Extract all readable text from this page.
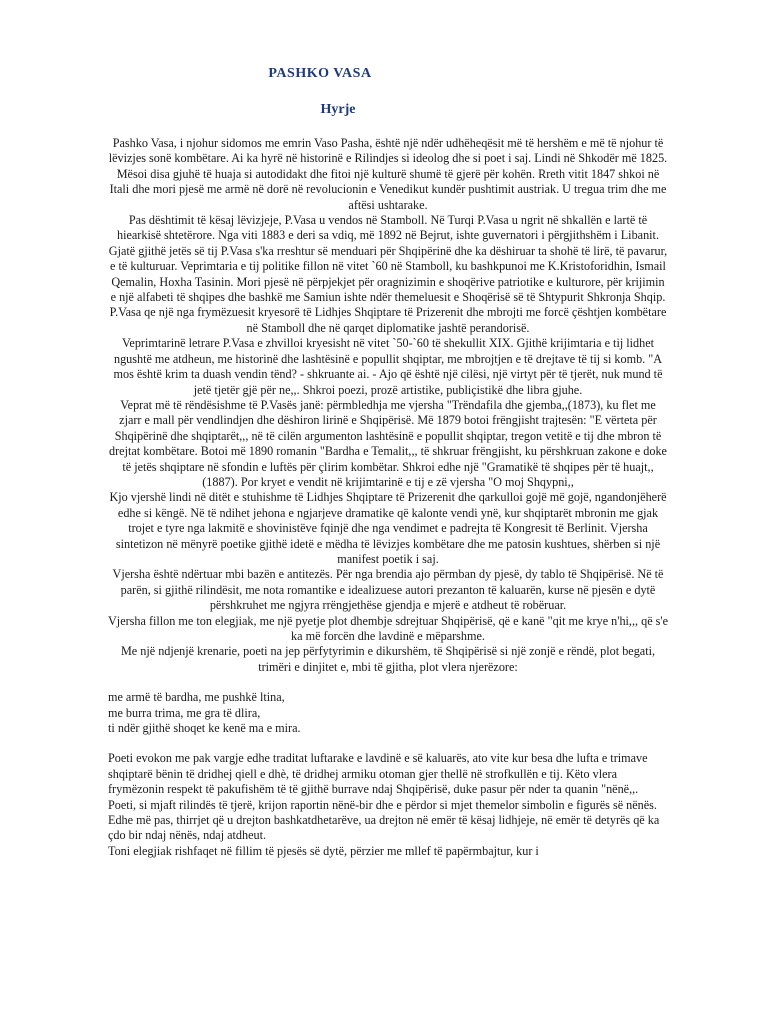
PASHKO VASA
Hyrje

Pashko Vasa, i njohur sidomos me emrin Vaso Pasha, është një ndër udhëheqësit më të hershëm e më të njohur të lëvizjes sonë kombëtare. Ai ka hyrë në historinë e Rilindjes si ideolog dhe si poet i saj. Lindi në Shkodër më 1825. Mësoi disa gjuhë të huaja si autodidakt dhe fitoi një kulturë shumë të gjerë për kohën. Rreth vitit 1847 shkoi në Itali dhe mori pjesë me armë në dorë në revolucionin e Venedikut kundër pushtimit austriak. U tregua trim dhe me aftësi ushtarake.

Pas dështimit të kësaj lëvizjeje, P.Vasa u vendos në Stamboll. Në Turqi P.Vasa u ngrit në shkallën e lartë të hiearkisë shtetërore. Nga viti 1883 e deri sa vdiq, më 1892 në Bejrut, ishte guvernatori i përgjithshëm i Libanit. Gjatë gjithë jetës së tij P.Vasa s'ka rreshtur së menduari për Shqipërinë dhe ka dëshiruar ta shohë të lirë, të pavarur, e të kulturuar. Veprimtaria e tij politike fillon në vitet `60 në Stamboll, ku bashkpunoi me K.Kristoforidhin, Ismail Qemalin, Hoxha Tasinin. Mori pjesë në përpjekjet për oragnizimin e shoqërive patriotike e kulturore, për krijimin e një alfabeti të shqipes dhe bashkë me Samiun ishte ndër themeluesit e Shoqërisë së të Shtypurit Shkronja Shqip. P.Vasa qe një nga frymëzuesit kryesorë të Lidhjes Shqiptare të Prizerenit dhe mbrojti me forcë çështjen kombëtare në Stamboll dhe në qarqet diplomatike jashtë perandorisë.

Veprimtarinë letrare P.Vasa e zhvilloi kryesisht në vitet `50-`60 të shekullit XIX. Gjithë krijimtaria e tij lidhet ngushtë me atdheun, me historinë dhe lashtësinë e popullit shqiptar, me mbrojtjen e të drejtave të tij si komb. "A mos është krim ta duash vendin tënd? - shkruante ai. - Ajo që është një cilësi, një virtyt për të tjerët, nuk mund të jetë tjetër gjë për ne,,. Shkroi poezi, prozë artistike, publiçistikë dhe libra gjuhe.

Veprat më të rëndësishme të P.Vasës janë: përmbledhja me vjersha "Trëndafila dhe gjemba,,(1873), ku flet me zjarr e mall për vendlindjen dhe dëshiron lirinë e Shqipërisë. Më 1879 botoi frëngjisht trajtesën: "E vërteta për Shqipërinë dhe shqiptarët,,, në të cilën argumenton lashtësinë e popullit shqiptar, tregon vetitë e tij dhe mbron të drejtat kombëtare. Botoi më 1890 romanin "Bardha e Temalit,,, të shkruar frëngjisht, ku përshkruan zakone e doke të jetës shqiptare në sfondin e luftës për çlirim kombëtar. Shkroi edhe një "Gramatikë të shqipes për të huajt,,(1887). Por kryet e vendit në krijimtarinë e tij e zë vjersha "O moj Shqypni,,

Kjo vjershë lindi në ditët e stuhishme të Lidhjes Shqiptare të Prizerenit dhe qarkulloi gojë më gojë, ngandonjëherë edhe si këngë. Në të ndihet jehona e ngjarjeve dramatike që kalonte vendi ynë, kur shqiptarët mbronin me gjak trojet e tyre nga lakmitë e shovinistëve fqinjë dhe nga vendimet e padrejta të Kongresit të Berlinit. Vjersha sintetizon në mënyrë poetike gjithë idetë e mëdha të lëvizjes kombëtare dhe me patosin kushtues, shërben si një manifest poetik i saj.

Vjersha është ndërtuar mbi bazën e antitezës. Për nga brendia ajo përmban dy pjesë, dy tablo të Shqipërisë. Në të parën, si gjithë rilindësit, me nota romantike e idealizuese autori prezanton të kaluarën, kurse në pjesën e dytë përshkruhet me ngjyra rrëngjethëse gjendja e mjerë e atdheut të robëruar.

Vjersha fillon me ton elegjiak, me një pyetje plot dhembje sdrejtuar Shqipërisë, që e kanë "qit me krye n'hi,,, që s'e ka më forcën dhe lavdinë e mëparshme.

Me një ndjenjë krenarie, poeti na jep përfytyrimin e dikurshëm, të Shqipërisë si një zonjë e rëndë, plot begati, trimëri e dinjitet e, mbi të gjitha, plot vlera njerëzore:

me armë të bardha, me pushkë ltina,

me burra trima, me gra të dlira,

ti ndër gjithë shoqet ke kenë ma e mira.

Poeti evokon me pak vargje edhe traditat luftarake e lavdinë e së kaluarës, ato vite kur besa dhe lufta e trimave shqiptarë bënin të dridhej qiell e dhè, të dridhej armiku otoman gjer thellë në strofkullën e tij. Këto vlera frymëzonin respekt të pakufishëm të të gjithë burrave ndaj Shqipërisë, duke pasur për nder ta quanin "nënë,,. Poeti, si mjaft rilindës të tjerë, krijon raportin nënë-bir dhe e përdor si mjet themelor simbolin e figurës së nënës. Edhe më pas, thirrjet që u drejton bashkatdhetarëve, ua drejton në emër të kësaj lidhjeje, në emër të detyrës që ka çdo bir ndaj nënës, ndaj atdheut.

Toni elegjiak rishfaqet në fillim të pjesës së dytë, përzier me mllef të papërmbajtur, kur i
